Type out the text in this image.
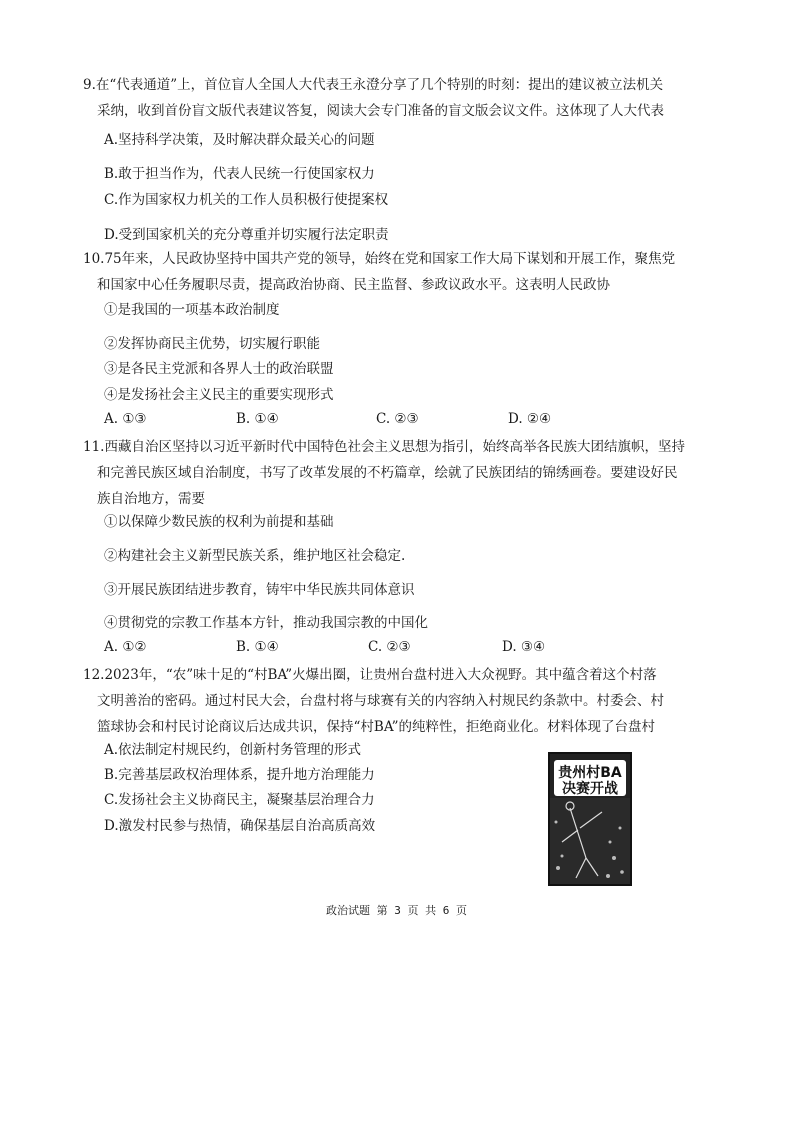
9.在“代表通道”上，首位盲人全国人大代表王永澄分享了几个特别的时刻：提出的建议被立法机关
采纳，收到首份盲文版代表建议答复，阅读大会专门准备的盲文版会议文件。这体现了人大代表
A.坚持科学决策，及时解决群众最关心的问题
B.敢于担当作为，代表人民统一行使国家权力
C.作为国家权力机关的工作人员积极行使提案权
D.受到国家机关的充分尊重并切实履行法定职责
10.75年来，人民政协坚持中国共产党的领导，始终在党和国家工作大局下谋划和开展工作，聚焦党
和国家中心任务履职尽责，提高政治协商、民主监督、参政议政水平。这表明人民政协
①是我国的一项基本政治制度
②发挥协商民主优势，切实履行职能
③是各民主党派和各界人士的政治联盟
④是发扬社会主义民主的重要实现形式
A. ①③	B. ①④	C. ②③	D. ②④
11.西藏自治区坚持以习近平新时代中国特色社会主义思想为指引，始终高举各民族大团结旗帜，坚持
和完善民族区域自治制度，书写了改革发展的不朽篇章，绘就了民族团结的锦绣画卷。要建设好民
族自治地方，需要
①以保障少数民族的权利为前提和基础
②构建社会主义新型民族关系，维护地区社会稳定.
③开展民族团结进步教育，铸牢中华民族共同体意识
④贯彻党的宗教工作基本方针，推动我国宗教的中国化
A. ①②	B. ①④	C. ②③	D. ③④
12.2023年，“农”味十足的“村BA”火爆出圈，让贵州台盘村进入大众视野。其中蕴含着这个村落
文明善治的密码。通过村民大会，台盘村将与球赛有关的内容纳入村规民约条款中。村委会、村
篮球协会和村民讨论商议后达成共识，保持“村BA”的纯粹性，拒绝商业化。材料体现了台盘村
A.依法制定村规民约，创新村务管理的形式
B.完善基层政权治理体系，提升地方治理能力
C.发扬社会主义协商民主，凝聚基层治理合力
D.激发村民参与热情，确保基层自治高质高效
贵州村BA
决赛开战
政治试题 第 3 页 共 6 页
